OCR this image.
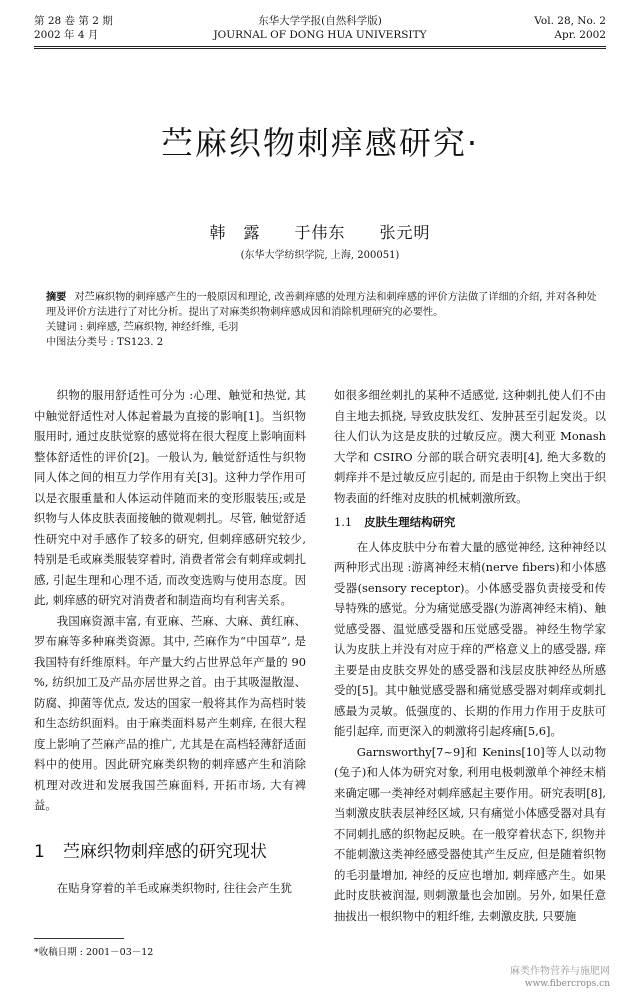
第 28 卷 第 2 期
2002 年 4 月
东华大学学报(自然科学版)
JOURNAL OF DONG HUA UNIVERSITY
Vol. 28, No. 2
Apr. 2002
苎麻织物刺痒感研究·
韩　露　　于伟东　　张元明
(东华大学纺织学院, 上海, 200051)

摘要 对苎麻织物的刺痒感产生的一般原因和理论, 改善刺痒感的处理方法和刺痒感的评价方法做了详细的介绍, 并对各种处理及评价方法进行了对比分析。提出了对麻类织物刺痒感成因和消除机理研究的必要性。

关键词 : 刺痒感, 苎麻织物, 神经纤维, 毛羽

中图法分类号 : TS123. 2

织物的服用舒适性可分为 :心理、触觉和热觉, 其中触觉舒适性对人体起着最为直接的影响[1]。当织物服用时, 通过皮肤觉察的感觉将在很大程度上影响面料整体舒适性的评价[2]。一般认为, 触觉舒适性与织物同人体之间的相互力学作用有关[3]。这种力学作用可以是衣服重量和人体运动伴随而来的变形服装压;或是织物与人体皮肤表面接触的微观刺扎。尽管, 触觉舒适性研究中对手感作了较多的研究, 但刺痒感研究较少, 特别是毛或麻类服装穿着时, 消费者常会有刺痒或刺扎感, 引起生理和心理不适, 而改变选购与使用态度。因此, 刺痒感的研究对消费者和制造商均有利害关系。

我国麻资源丰富, 有亚麻、苎麻、大麻、黄红麻、罗布麻等多种麻类资源。其中, 苎麻作为“中国草”, 是我国特有纤维原料。年产量大约占世界总年产量的 90 %, 纺织加工及产品亦居世界之首。由于其吸湿散湿、防腐、抑菌等优点, 发达的国家一般将其作为高档时装和生态纺织面料。由于麻类面料易产生刺痒, 在很大程度上影响了苎麻产品的推广, 尤其是在高档轻薄舒适面料中的使用。因此研究麻类织物的刺痒感产生和消除机理对改进和发展我国苎麻面料, 开拓市场, 大有裨益。

1 苎麻织物刺痒感的研究现状

在贴身穿着的羊毛或麻类织物时, 往往会产生犹

如很多细丝刺扎的某种不适感觉, 这种刺扎使人们不由自主地去抓挠, 导致皮肤发红、发肿甚至引起发炎。以往人们认为这是皮肤的过敏反应。澳大利亚 Monash 大学和 CSIRO 分部的联合研究表明[4], 绝大多数的刺痒并不是过敏反应引起的, 而是由于织物上突出于织物表面的纤维对皮肤的机械刺激所致。

1.1 皮肤生理结构研究

在人体皮肤中分布着大量的感觉神经, 这种神经以两种形式出现 :游离神经末梢(nerve fibers)和小体感受器(sensory receptor)。小体感受器负责接受和传导特殊的感觉。分为痛觉感受器(为游离神经末梢)、触觉感受器、温觉感受器和压觉感受器。神经生物学家认为皮肤上并没有对应于痒的严格意义上的感受器, 痒主要是由皮肤交界处的感受器和浅层皮肤神经丛所感受的[5]。其中触觉感受器和痛觉感受器对刺痒或刺扎感最为灵敏。低强度的、长期的作用力作用于皮肤可能引起痒, 而更深入的刺激将引起疼痛[5,6]。

Garnsworthy[7~9]和 Kenins[10]等人以动物(兔子)和人体为研究对象, 利用电极刺激单个神经末梢来确定哪一类神经对刺痒感起主要作用。研究表明[8], 当刺激皮肤表层神经区域, 只有痛觉小体感受器对具有不同刺扎感的织物起反映。在一般穿着状态下, 织物并不能刺激这类神经感受器使其产生反应, 但是随着织物的毛羽量增加, 神经的反应也增加, 刺痒感产生。如果此时皮肤被润湿, 则刺激量也会加剧。另外, 如果任意抽拔出一根织物中的粗纤维, 去刺激皮肤, 只要施

*收稿日期 : 2001－03－12
麻类作物营养与施肥网
www.fibercrops.cn
